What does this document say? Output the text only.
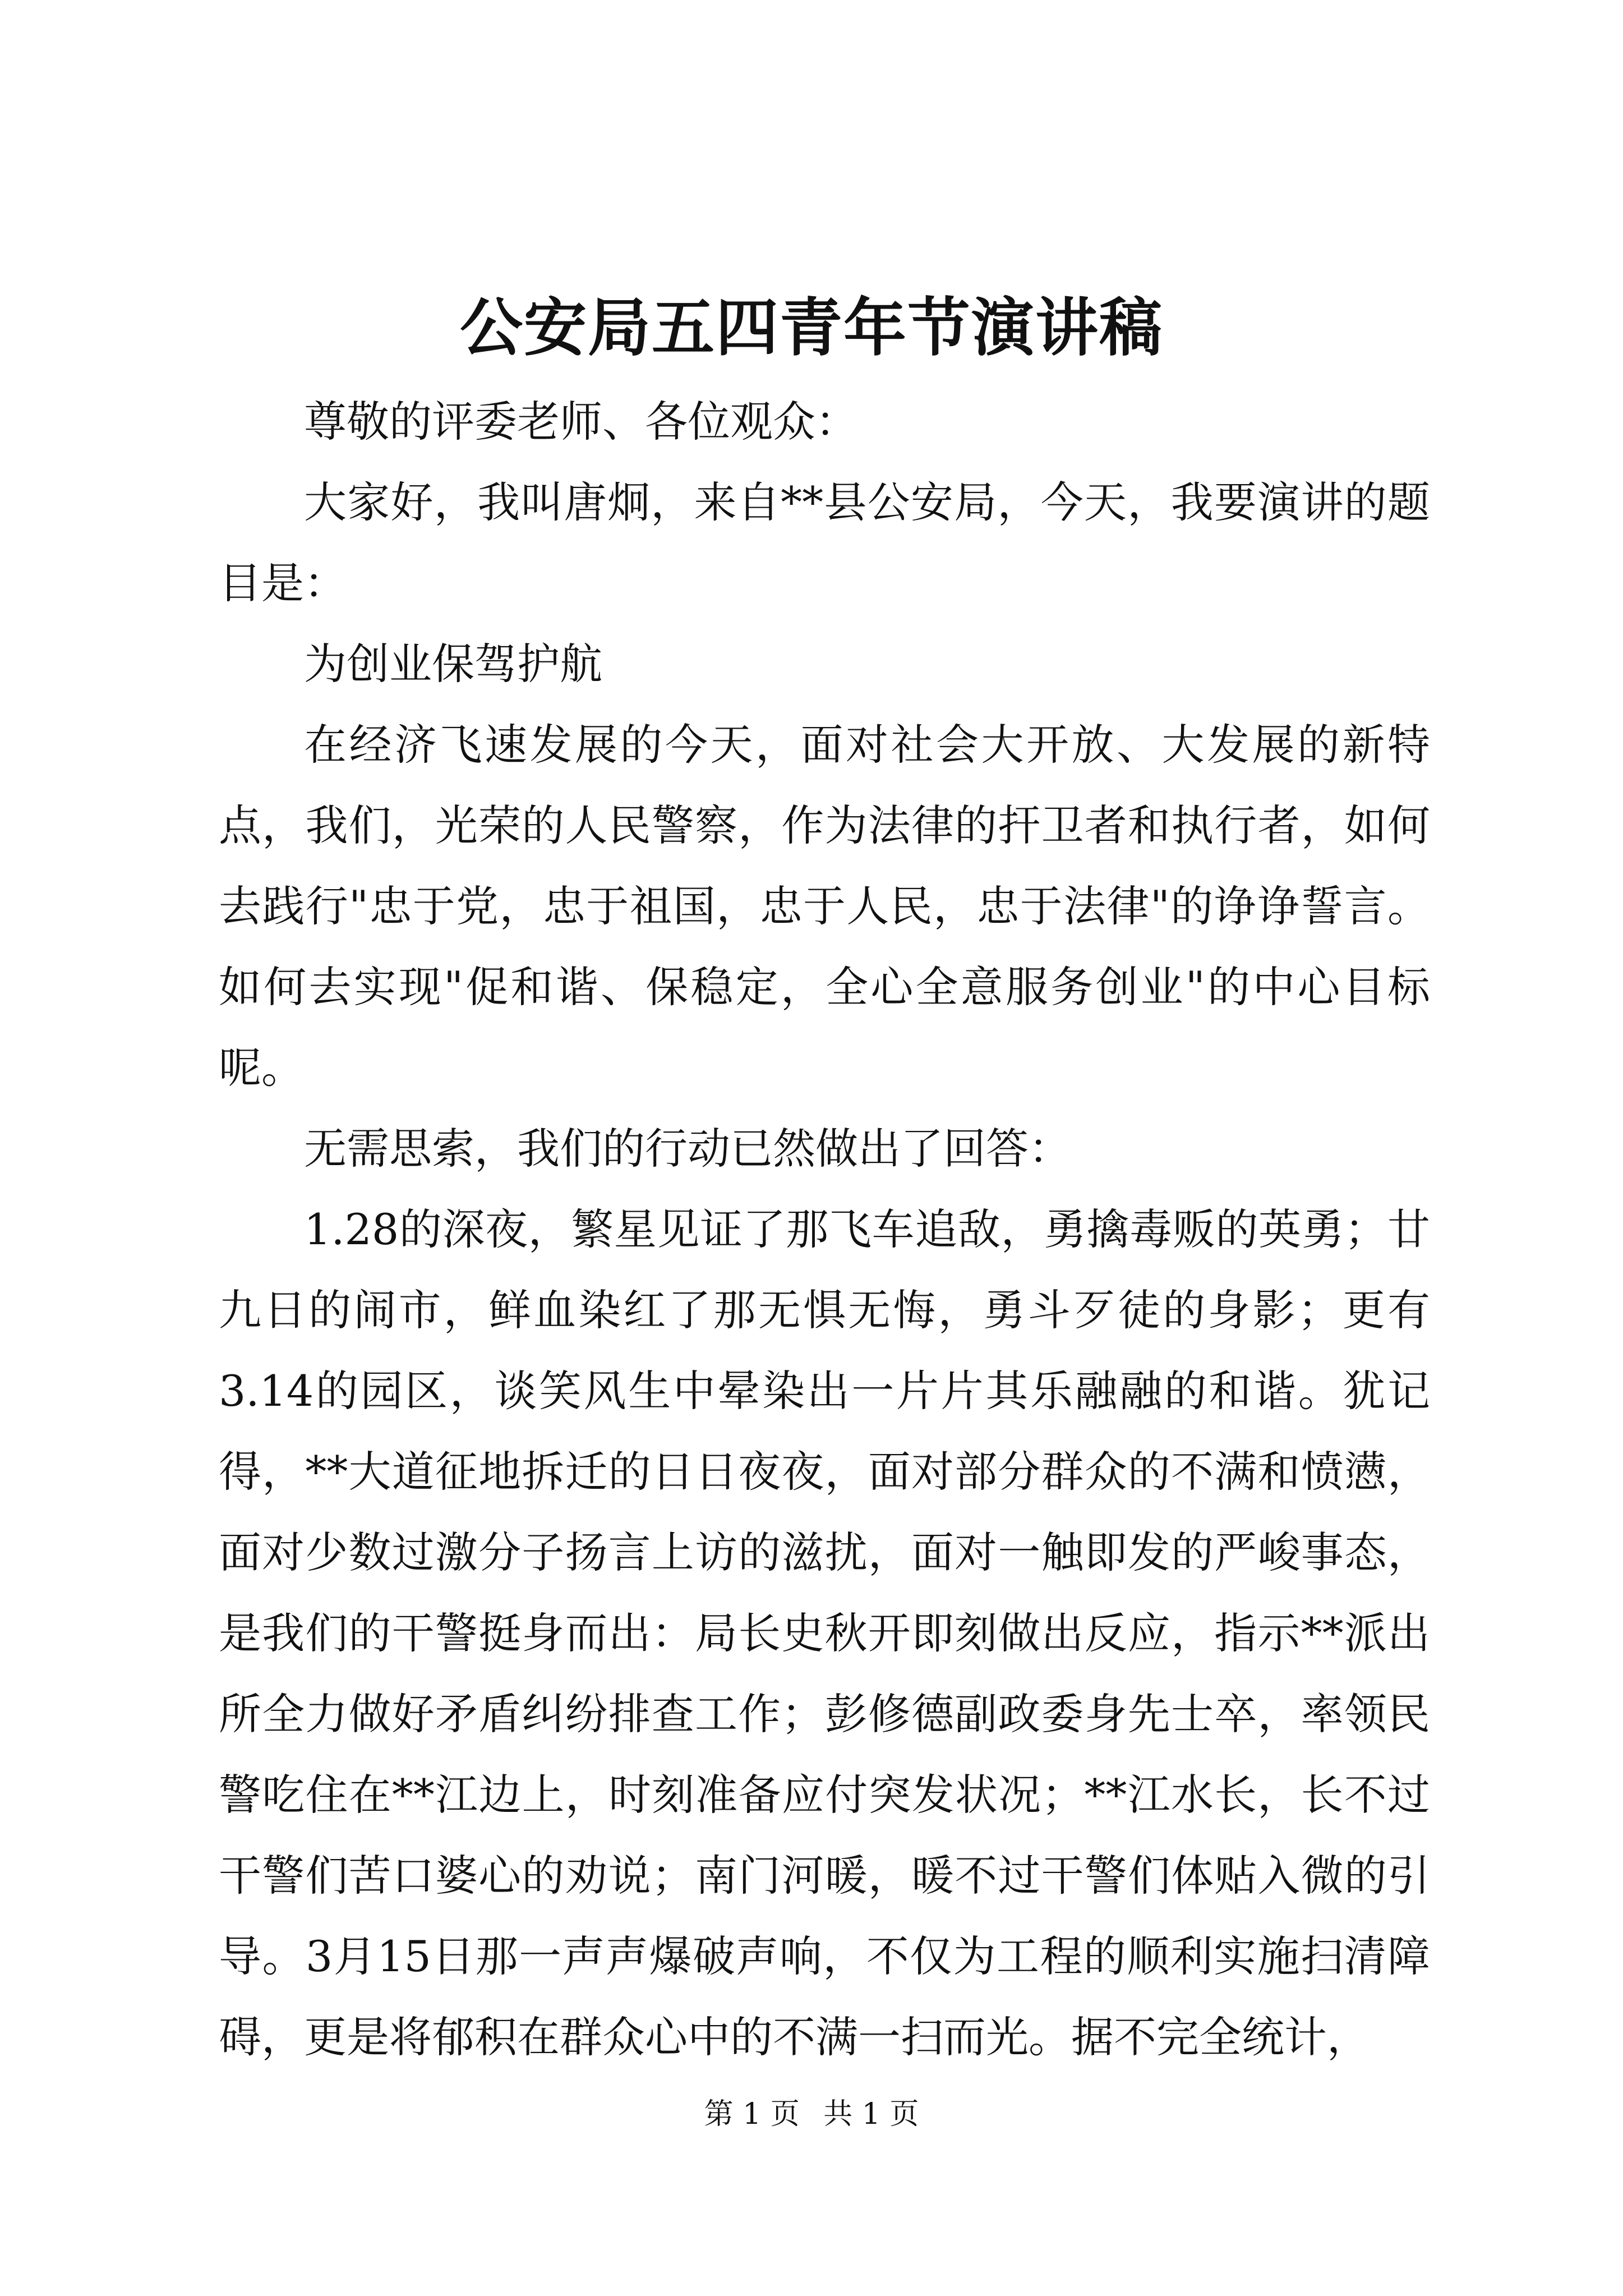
公安局五四青年节演讲稿

尊敬的评委老师、各位观众：

大家好，我叫唐炯，来自**县公安局，今天，我要演讲的题目是：

为创业保驾护航

在经济飞速发展的今天，面对社会大开放、大发展的新特点，我们，光荣的人民警察，作为法律的扞卫者和执行者，如何去践行"忠于党，忠于祖国，忠于人民，忠于法律"的诤诤誓言。如何去实现"促和谐、保稳定，全心全意服务创业"的中心目标呢。

无需思索，我们的行动已然做出了回答：

1.28的深夜，繁星见证了那飞车追敌，勇擒毒贩的英勇；廿九日的闹市，鲜血染红了那无惧无悔，勇斗歹徒的身影；更有3.14的园区，谈笑风生中晕染出一片片其乐融融的和谐。犹记得，**大道征地拆迁的日日夜夜，面对部分群众的不满和愤懑，面对少数过激分子扬言上访的滋扰，面对一触即发的严峻事态，是我们的干警挺身而出：局长史秋开即刻做出反应，指示**派出所全力做好矛盾纠纷排查工作；彭修德副政委身先士卒，率领民警吃住在**江边上，时刻准备应付突发状况；**江水长，长不过干警们苦口婆心的劝说；南门河暖，暖不过干警们体贴入微的引导。3月15日那一声声爆破声响，不仅为工程的顺利实施扫清障碍，更是将郁积在群众心中的不满一扫而光。据不完全统计，

第 1 页 共 1 页
